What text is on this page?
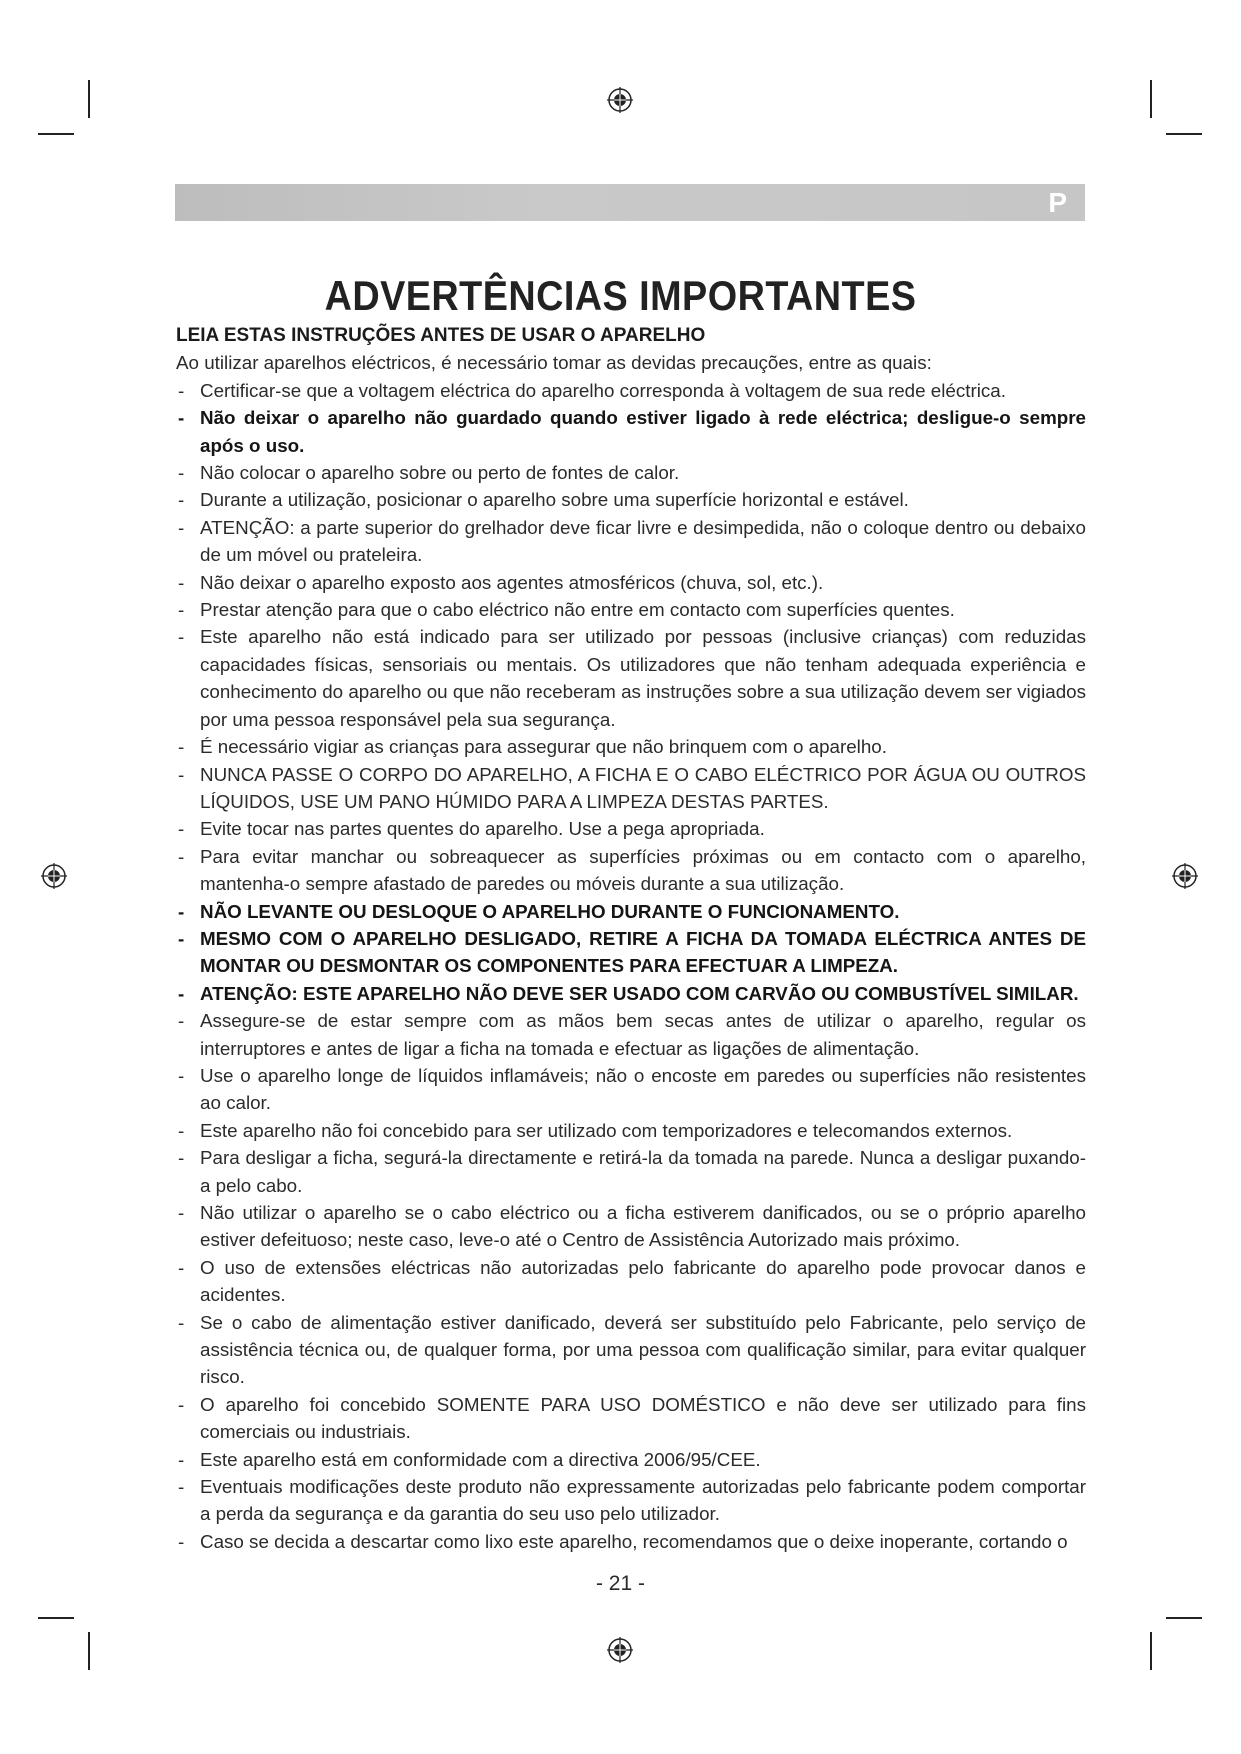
P
ADVERTÊNCIAS IMPORTANTES

LEIA ESTAS INSTRUÇÕES ANTES DE USAR O APARELHO

Ao utilizar aparelhos eléctricos, é necessário tomar as devidas precauções, entre as quais:

- Certificar-se que a voltagem eléctrica do aparelho corresponda à voltagem de sua rede eléctrica.
- Não deixar o aparelho não guardado quando estiver ligado à rede eléctrica; desligue-o sempre após o uso.
- Não colocar o aparelho sobre ou perto de fontes de calor.
- Durante a utilização, posicionar o aparelho sobre uma superfície horizontal e estável.
- ATENÇÃO: a parte superior do grelhador deve ficar livre e desimpedida, não o coloque dentro ou debaixo de um móvel ou prateleira.
- Não deixar o aparelho exposto aos agentes atmosféricos (chuva, sol, etc.).
- Prestar atenção para que o cabo eléctrico não entre em contacto com superfícies quentes.
- Este aparelho não está indicado para ser utilizado por pessoas (inclusive crianças) com reduzidas capacidades físicas, sensoriais ou mentais. Os utilizadores que não tenham adequada experiência e conhecimento do aparelho ou que não receberam as instruções sobre a sua utilização devem ser vigiados por uma pessoa responsável pela sua segurança.
- É necessário vigiar as crianças para assegurar que não brinquem com o aparelho.
- NUNCA PASSE O CORPO DO APARELHO, A FICHA E O CABO ELÉCTRICO POR ÁGUA OU OUTROS LÍQUIDOS, USE UM PANO HÚMIDO PARA A LIMPEZA DESTAS PARTES.
- Evite tocar nas partes quentes do aparelho. Use a pega apropriada.
- Para evitar manchar ou sobreaquecer as superfícies próximas ou em contacto com o aparelho, mantenha-o sempre afastado de paredes ou móveis durante a sua utilização.
- NÃO LEVANTE OU DESLOQUE O APARELHO DURANTE O FUNCIONAMENTO.
- MESMO COM O APARELHO DESLIGADO, RETIRE A FICHA DA TOMADA ELÉCTRICA ANTES DE MONTAR OU DESMONTAR OS COMPONENTES PARA EFECTUAR A LIMPEZA.
- ATENÇÃO: ESTE APARELHO NÃO DEVE SER USADO COM CARVÃO OU COMBUSTÍVEL SIMILAR.
- Assegure-se de estar sempre com as mãos bem secas antes de utilizar o aparelho, regular os interruptores e antes de ligar a ficha na tomada e efectuar as ligações de alimentação.
- Use o aparelho longe de líquidos inflamáveis; não o encoste em paredes ou superfícies não resistentes ao calor.
- Este aparelho não foi concebido para ser utilizado com temporizadores e telecomandos externos.
- Para desligar a ficha, segurá-la directamente e retirá-la da tomada na parede. Nunca a desligar puxando-a pelo cabo.
- Não utilizar o aparelho se o cabo eléctrico ou a ficha estiverem danificados, ou se o próprio aparelho estiver defeituoso; neste caso, leve-o até o Centro de Assistência Autorizado mais próximo.
- O uso de extensões eléctricas não autorizadas pelo fabricante do aparelho pode provocar danos e acidentes.
- Se o cabo de alimentação estiver danificado, deverá ser substituído pelo Fabricante, pelo serviço de assistência técnica ou, de qualquer forma, por uma pessoa com qualificação similar, para evitar qualquer risco.
- O aparelho foi concebido SOMENTE PARA USO DOMÉSTICO e não deve ser utilizado para fins comerciais ou industriais.
- Este aparelho está em conformidade com a directiva 2006/95/CEE.
- Eventuais modificações deste produto não expressamente autorizadas pelo fabricante podem comportar a perda da segurança e da garantia do seu uso pelo utilizador.
- Caso se decida a descartar como lixo este aparelho, recomendamos que o deixe inoperante, cortando o
- 21 -
